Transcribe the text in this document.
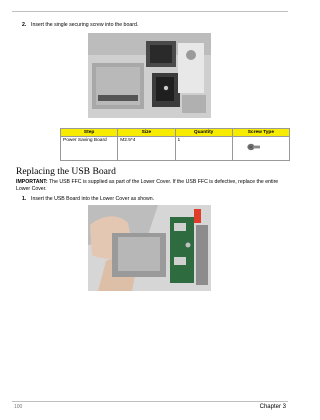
2. Insert the single securing screw into the board.
Step	Size	Quantity	Screw Type
Power Saving Board	M2.5*4	1	
Replacing the USB Board
IMPORTANT: The USB FFC is supplied as part of the Lower Cover. If the USB FFC is defective, replace the entire Lower Cover.
1. Insert the USB Board into the Lower Cover as shown.
100	Chapter 3
